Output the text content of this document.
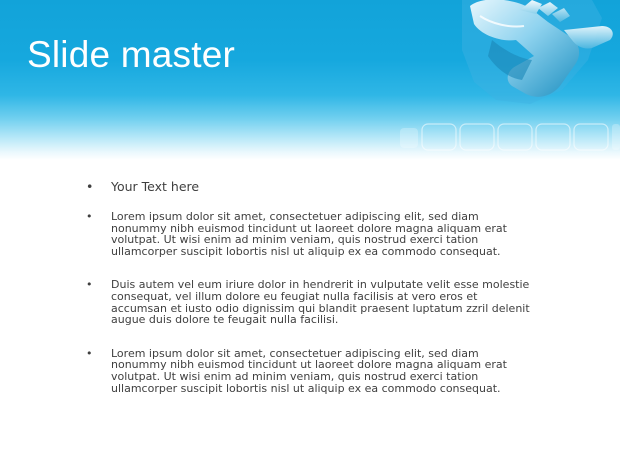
Slide master
• Your Text here
• Lorem ipsum dolor sit amet, consectetuer adipiscing elit, sed diam nonummy nibh euismod tincidunt ut laoreet dolore magna aliquam erat volutpat. Ut wisi enim ad minim veniam, quis nostrud exerci tation ullamcorper suscipit lobortis nisl ut aliquip ex ea commodo consequat.
• Duis autem vel eum iriure dolor in hendrerit in vulputate velit esse molestie consequat, vel illum dolore eu feugiat nulla facilisis at vero eros et accumsan et iusto odio dignissim qui blandit praesent luptatum zzril delenit augue duis dolore te feugait nulla facilisi.
• Lorem ipsum dolor sit amet, consectetuer adipiscing elit, sed diam nonummy nibh euismod tincidunt ut laoreet dolore magna aliquam erat volutpat. Ut wisi enim ad minim veniam, quis nostrud exerci tation ullamcorper suscipit lobortis nisl ut aliquip ex ea commodo consequat.
